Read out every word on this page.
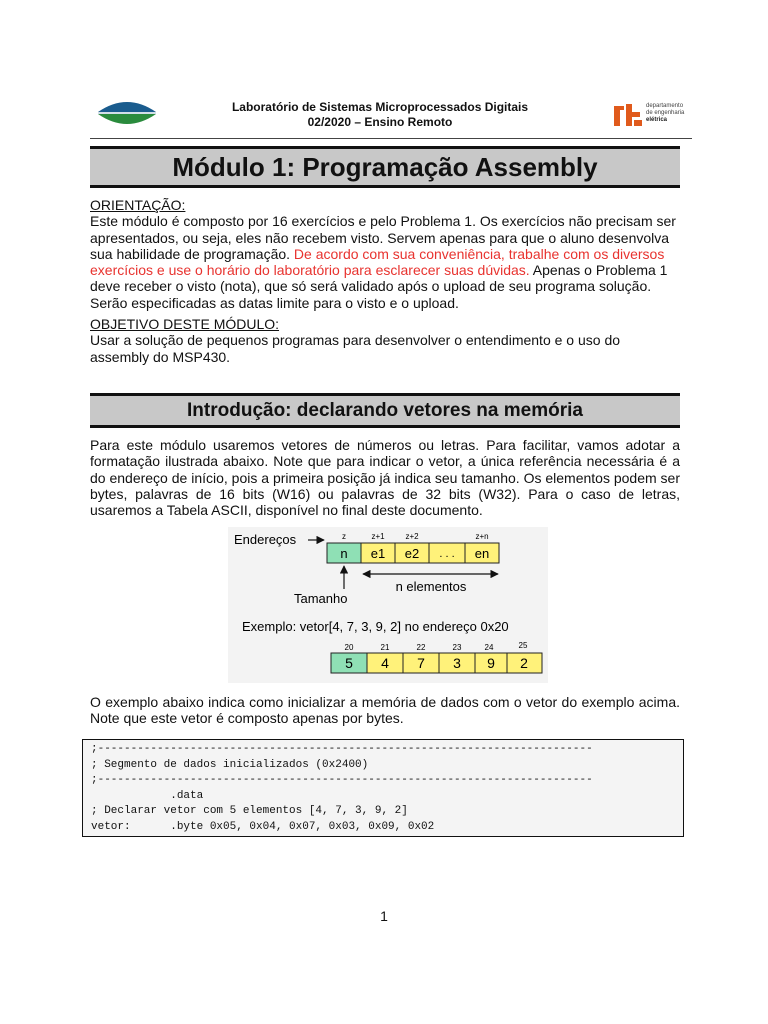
Laboratório de Sistemas Microprocessados Digitais
02/2020 – Ensino Remoto
departamento
de engenharia
elétrica
Módulo 1: Programação Assembly
ORIENTAÇÃO:
Este módulo é composto por 16 exercícios e pelo Problema 1. Os exercícios não precisam ser apresentados, ou seja, eles não recebem visto. Servem apenas para que o aluno desenvolva sua habilidade de programação. De acordo com sua conveniência, trabalhe com os diversos exercícios e use o horário do laboratório para esclarecer suas dúvidas. Apenas o Problema 1 deve receber o visto (nota), que só será validado após o upload de seu programa solução. Serão especificadas as datas limite para o visto e o upload.
OBJETIVO DESTE MÓDULO:
Usar a solução de pequenos programas para desenvolver o entendimento e o uso do assembly do MSP430.
Introdução: declarando vetores na memória
Para este módulo usaremos vetores de números ou letras. Para facilitar, vamos adotar a formatação ilustrada abaixo. Note que para indicar o vetor, a única referência necessária é a do endereço de início, pois a primeira posição já indica seu tamanho. Os elementos podem ser bytes, palavras de 16 bits (W16) ou palavras de 32 bits (W32). Para o caso de letras, usaremos a Tabela ASCII, disponível no final deste documento.
Endereços	z	z+1	z+2	z+n
n e1 e2 . . . en
Tamanho
n elementos
Exemplo: vetor[4, 7, 3, 9, 2] no endereço 0x20
20	21	22	23	24	25
5 4 7 3 9 2
O exemplo abaixo indica como inicializar a memória de dados com o vetor do exemplo acima. Note que este vetor é composto apenas por bytes.
;---------------------------------------------------------------------------
; Segmento de dados inicializados (0x2400)
;---------------------------------------------------------------------------
.data
; Declarar vetor com 5 elementos [4, 7, 3, 9, 2]
vetor:      .byte 0x05, 0x04, 0x07, 0x03, 0x09, 0x02
1
